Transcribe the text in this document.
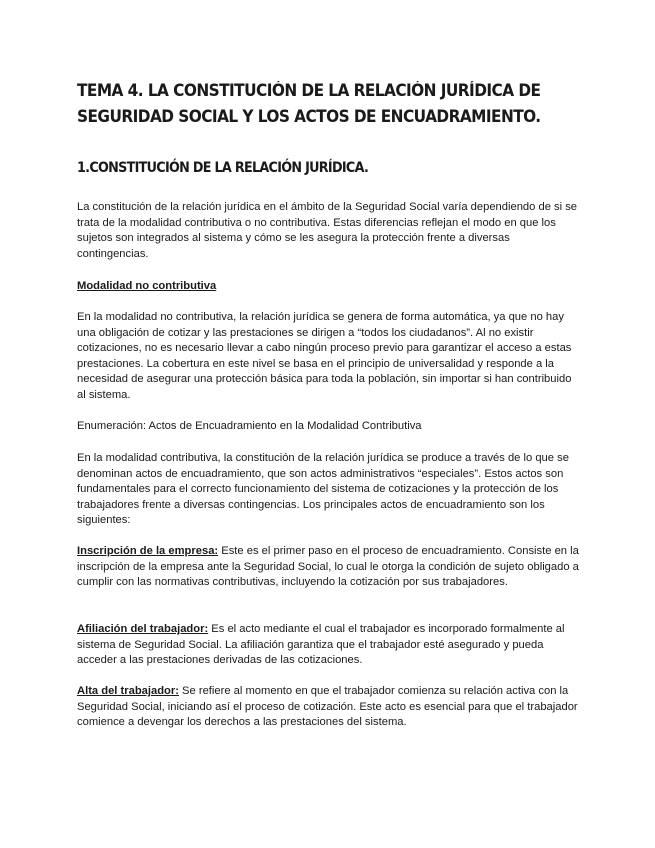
TEMA 4. LA CONSTITUCIÓN DE LA RELACIÓN JURÍDICA DE SEGURIDAD SOCIAL Y LOS ACTOS DE ENCUADRAMIENTO.
1.CONSTITUCIÓN DE LA RELACIÓN JURÍDICA.

La constitución de la relación jurídica en el ámbito de la Seguridad Social varía dependiendo de si se trata de la modalidad contributiva o no contributiva. Estas diferencias reflejan el modo en que los sujetos son integrados al sistema y cómo se les asegura la protección frente a diversas contingencias.

Modalidad no contributiva

En la modalidad no contributiva, la relación jurídica se genera de forma automática, ya que no hay una obligación de cotizar y las prestaciones se dirigen a “todos los ciudadanos”. Al no existir cotizaciones, no es necesario llevar a cabo ningún proceso previo para garantizar el acceso a estas prestaciones. La cobertura en este nivel se basa en el principio de universalidad y responde a la necesidad de asegurar una protección básica para toda la población, sin importar si han contribuido al sistema.

Enumeración: Actos de Encuadramiento en la Modalidad Contributiva

En la modalidad contributiva, la constitución de la relación jurídica se produce a través de lo que se denominan actos de encuadramiento, que son actos administrativos “especiales”. Estos actos son fundamentales para el correcto funcionamiento del sistema de cotizaciones y la protección de los trabajadores frente a diversas contingencias. Los principales actos de encuadramiento son los siguientes:

Inscripción de la empresa: Este es el primer paso en el proceso de encuadramiento. Consiste en la inscripción de la empresa ante la Seguridad Social, lo cual le otorga la condición de sujeto obligado a cumplir con las normativas contributivas, incluyendo la cotización por sus trabajadores.

Afiliación del trabajador: Es el acto mediante el cual el trabajador es incorporado formalmente al sistema de Seguridad Social. La afiliación garantiza que el trabajador esté asegurado y pueda acceder a las prestaciones derivadas de las cotizaciones.

Alta del trabajador: Se refiere al momento en que el trabajador comienza su relación activa con la Seguridad Social, iniciando así el proceso de cotización. Este acto es esencial para que el trabajador comience a devengar los derechos a las prestaciones del sistema.
